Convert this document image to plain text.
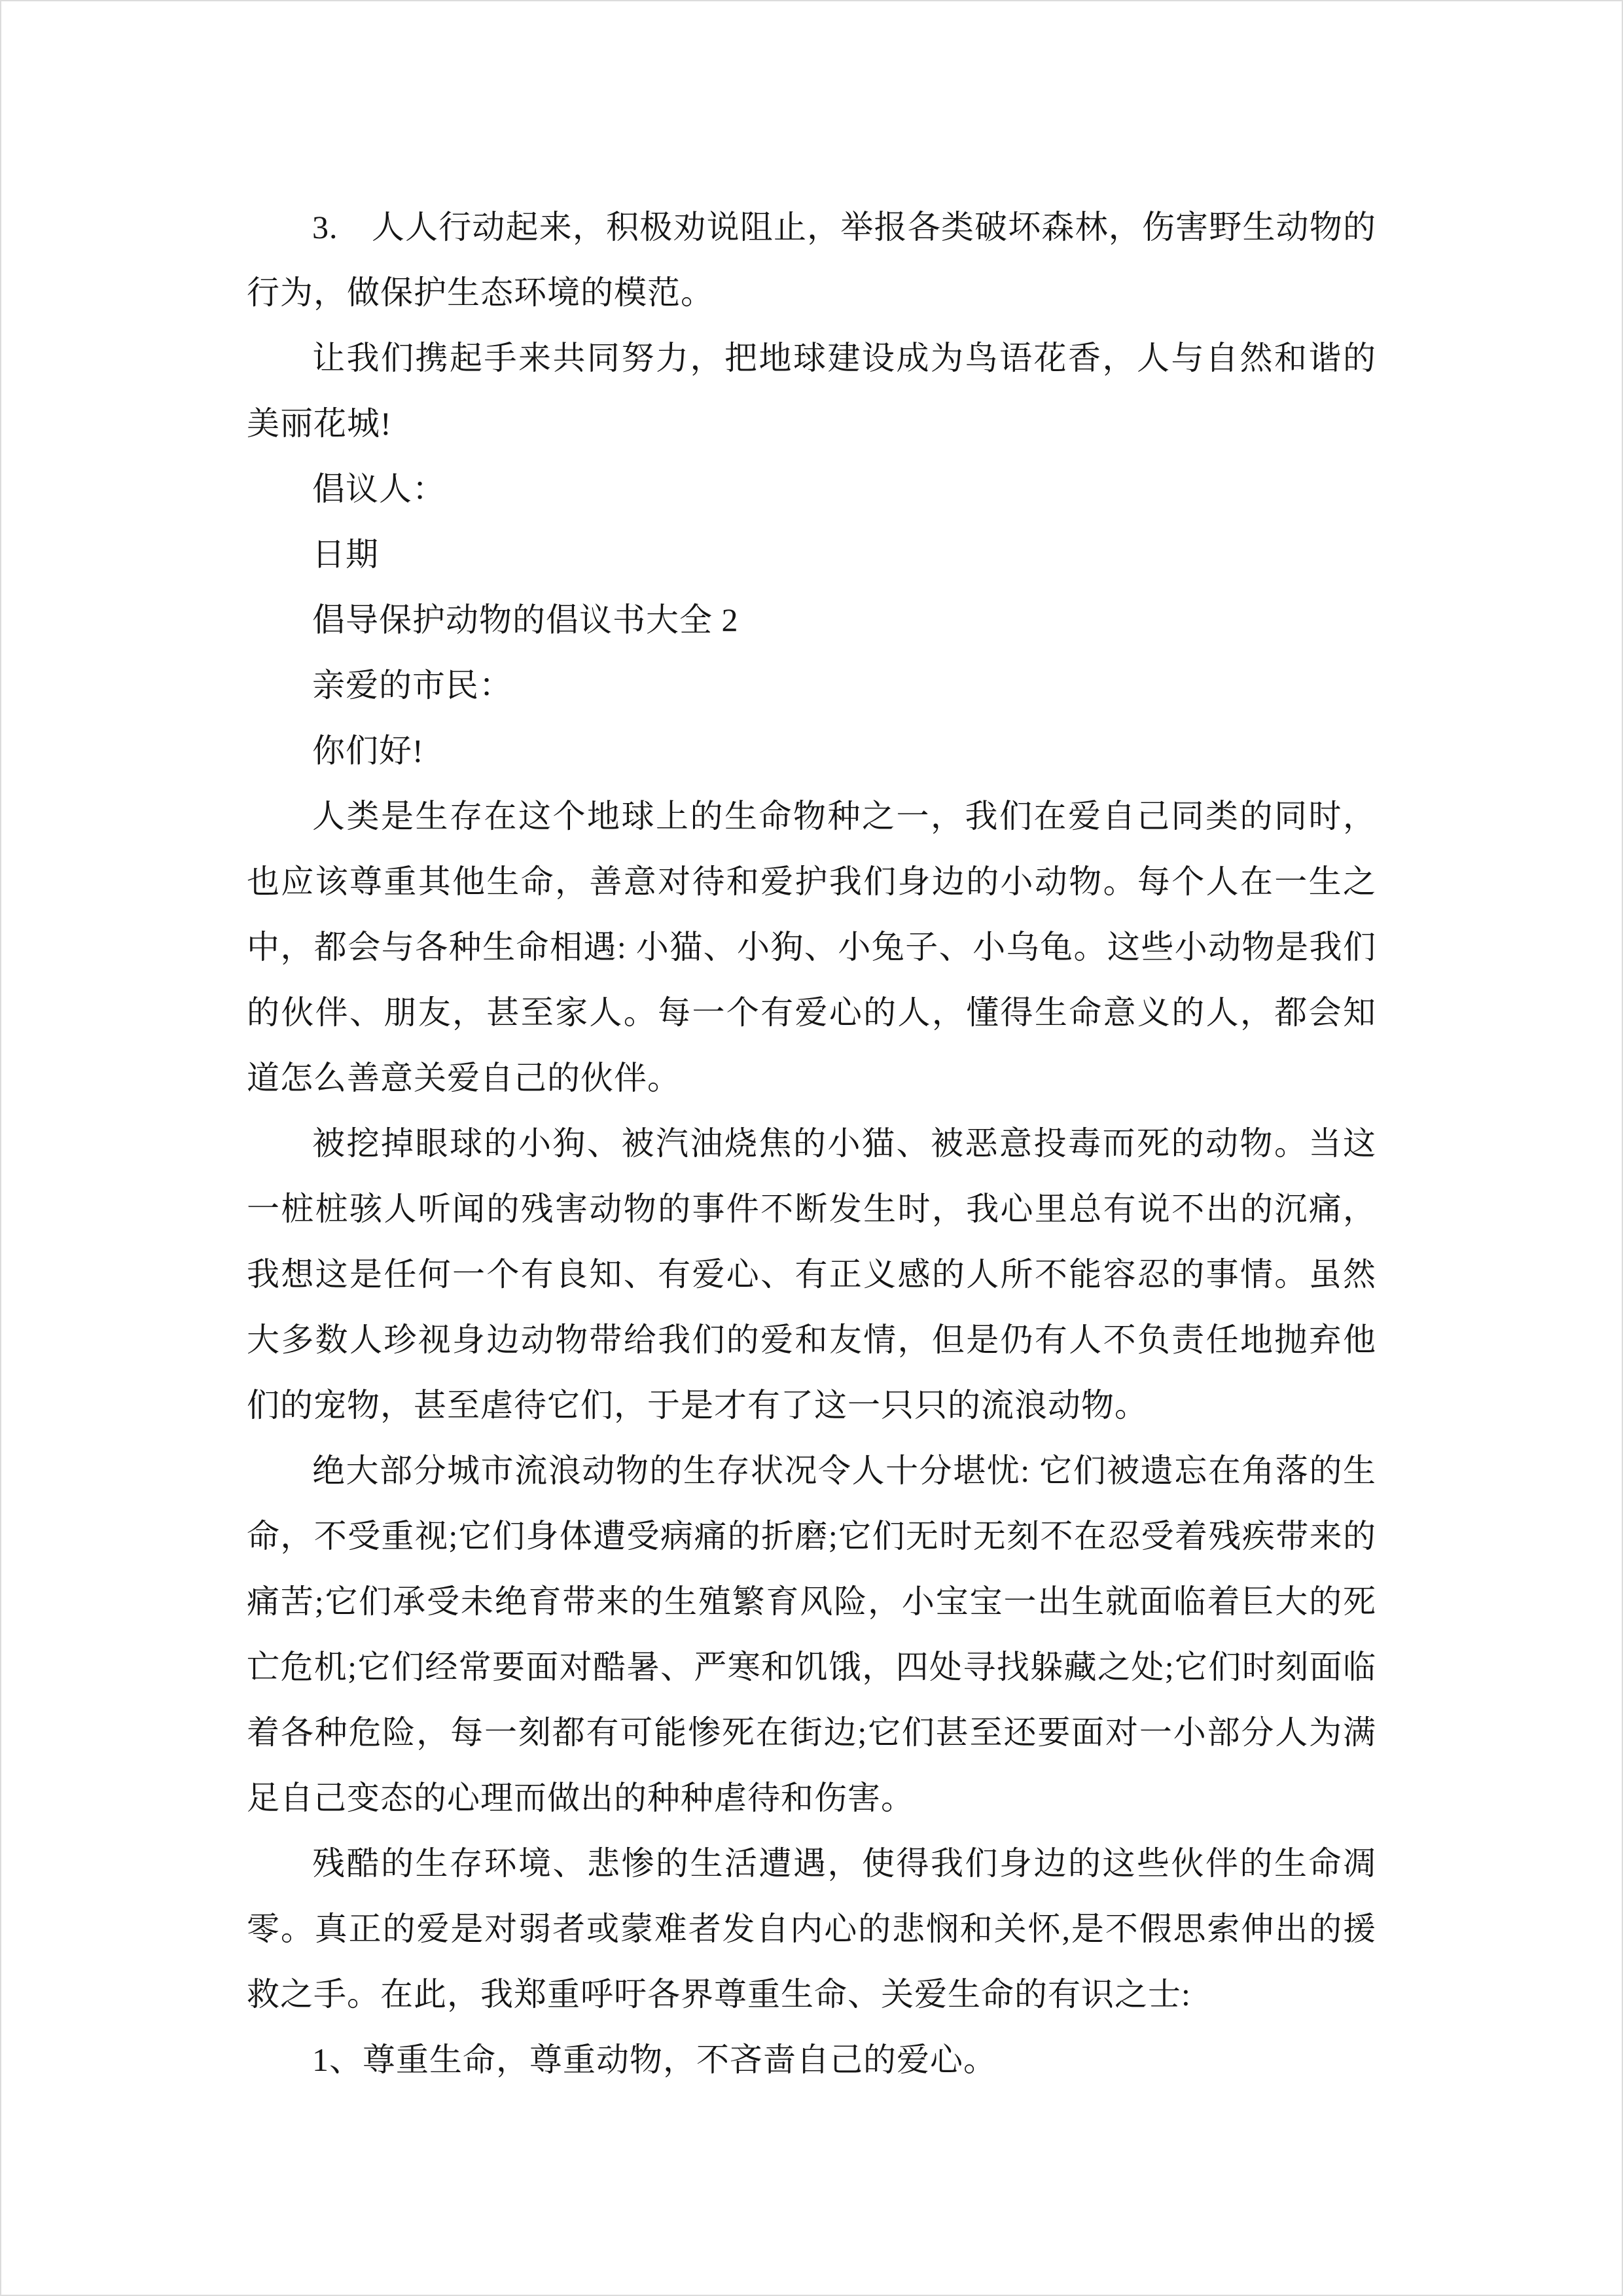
3.　人人行动起来，积极劝说阻止，举报各类破坏森林，伤害野生动物的行为，做保护生态环境的模范。

让我们携起手来共同努力，把地球建设成为鸟语花香，人与自然和谐的美丽花城!

倡议人：

日期

倡导保护动物的倡议书大全 2

亲爱的市民：

你们好!

人类是生存在这个地球上的生命物种之一，我们在爱自己同类的同时，也应该尊重其他生命，善意对待和爱护我们身边的小动物。每个人在一生之中，都会与各种生命相遇: 小猫、小狗、小兔子、小乌龟。这些小动物是我们的伙伴、朋友，甚至家人。每一个有爱心的人，懂得生命意义的人，都会知道怎么善意关爱自己的伙伴。

被挖掉眼球的小狗、被汽油烧焦的小猫、被恶意投毒而死的动物。当这一桩桩骇人听闻的残害动物的事件不断发生时，我心里总有说不出的沉痛，我想这是任何一个有良知、有爱心、有正义感的人所不能容忍的事情。虽然大多数人珍视身边动物带给我们的爱和友情，但是仍有人不负责任地抛弃他们的宠物，甚至虐待它们，于是才有了这一只只的流浪动物。

绝大部分城市流浪动物的生存状况令人十分堪忧: 它们被遗忘在角落的生命，不受重视;它们身体遭受病痛的折磨;它们无时无刻不在忍受着残疾带来的痛苦;它们承受未绝育带来的生殖繁育风险，小宝宝一出生就面临着巨大的死亡危机;它们经常要面对酷暑、严寒和饥饿，四处寻找躲藏之处;它们时刻面临着各种危险，每一刻都有可能惨死在街边;它们甚至还要面对一小部分人为满足自己变态的心理而做出的种种虐待和伤害。

残酷的生存环境、悲惨的生活遭遇，使得我们身边的这些伙伴的生命凋零。真正的爱是对弱者或蒙难者发自内心的悲悯和关怀,是不假思索伸出的援救之手。在此，我郑重呼吁各界尊重生命、关爱生命的有识之士:

1、尊重生命，尊重动物，不吝啬自己的爱心。
